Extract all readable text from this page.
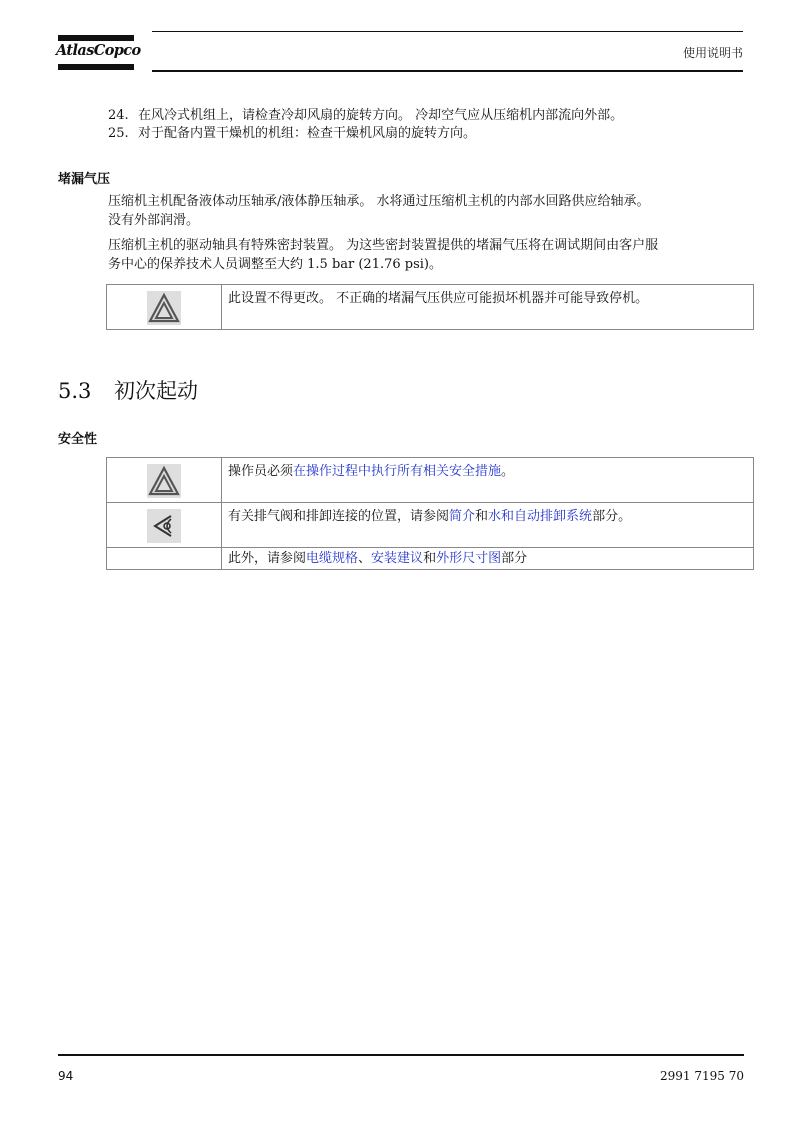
AtlasCopco	使用说明书
24. 在风冷式机组上，请检查冷却风扇的旋转方向。 冷却空气应从压缩机内部流向外部。
25. 对于配备内置干燥机的机组：检查干燥机风扇的旋转方向。
堵漏气压
压缩机主机配备液体动压轴承/液体静压轴承。 水将通过压缩机主机的内部水回路供应给轴承。
没有外部润滑。
压缩机主机的驱动轴具有特殊密封装置。 为这些密封装置提供的堵漏气压将在调试期间由客户服
务中心的保养技术人员调整至大约 1.5 bar (21.76 psi)。
	此设置不得更改。 不正确的堵漏气压供应可能损坏机器并可能导致停机。
5.3 初次起动
安全性
	操作员必须在操作过程中执行所有相关安全措施。

	有关排气阀和排卸连接的位置，请参阅简介和水和自动排卸系统部分。
	此外，请参阅电缆规格、安装建议和外形尺寸图部分
94	2991 7195 70
